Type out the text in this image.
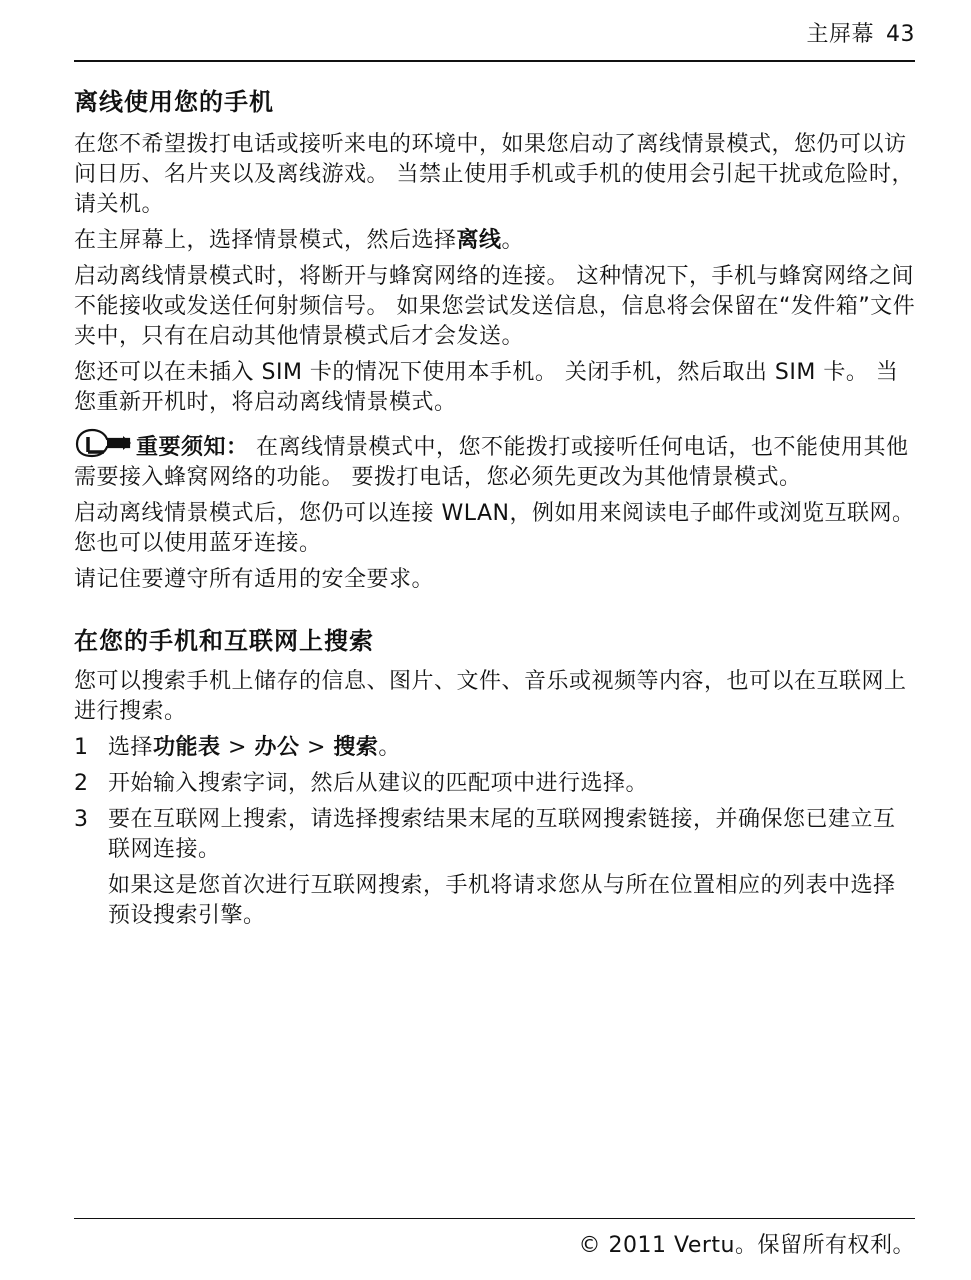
主屏幕 43
离线使用您的手机

在您不希望拨打电话或接听来电的环境中，如果您启动了离线情景模式，您仍可以访问日历、名片夹以及离线游戏。 当禁止使用手机或手机的使用会引起干扰或危险时，请关机。

在主屏幕上，选择情景模式，然后选择离线。

启动离线情景模式时，将断开与蜂窝网络的连接。 这种情况下，手机与蜂窝网络之间不能接收或发送任何射频信号。 如果您尝试发送信息，信息将会保留在“发件箱”文件夹中，只有在启动其他情景模式后才会发送。

您还可以在未插入 SIM 卡的情况下使用本手机。 关闭手机，然后取出 SIM 卡。 当您重新开机时，将启动离线情景模式。

重要须知： 在离线情景模式中，您不能拨打或接听任何电话，也不能使用其他需要接入蜂窝网络的功能。 要拨打电话，您必须先更改为其他情景模式。

启动离线情景模式后，您仍可以连接 WLAN，例如用来阅读电子邮件或浏览互联网。 您也可以使用蓝牙连接。

请记住要遵守所有适用的安全要求。

在您的手机和互联网上搜索

您可以搜索手机上储存的信息、图片、文件、音乐或视频等内容，也可以在互联网上进行搜索。

1 选择功能表 > 办公 > 搜索。
2 开始输入搜索字词，然后从建议的匹配项中进行选择。
3 要在互联网上搜索，请选择搜索结果末尾的互联网搜索链接，并确保您已建立互联网连接。
如果这是您首次进行互联网搜索，手机将请求您从与所在位置相应的列表中选择预设搜索引擎。
© 2011 Vertu。保留所有权利。
